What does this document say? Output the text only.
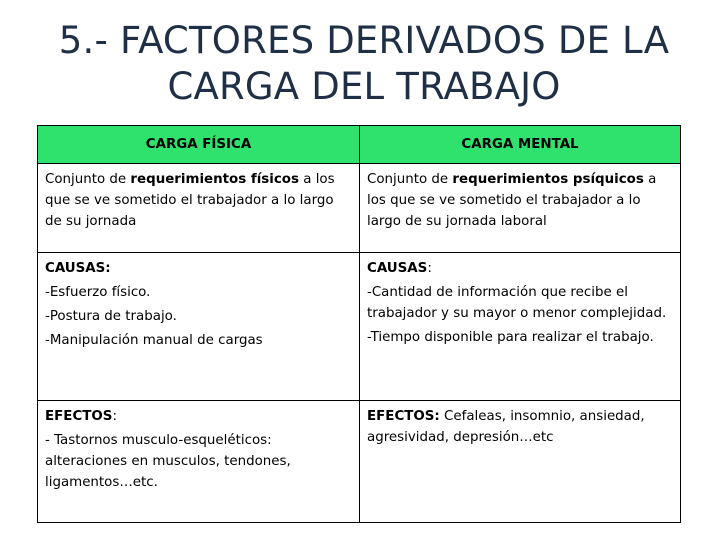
5.- FACTORES DERIVADOS DE LA
CARGA DEL TRABAJO
CARGA FÍSICA	CARGA MENTAL
Conjunto de requerimientos físicos a los que se ve sometido el trabajador a lo largo de su jornada	Conjunto de requerimientos psíquicos a los que se ve sometido el trabajador a lo largo de su jornada laboral

CAUSAS:
-Esfuerzo físico.
-Postura de trabajo.
-Manipulación manual de cargas	CAUSAS:
-Cantidad de información que recibe el trabajador y su mayor o menor complejidad.
-Tiempo disponible para realizar el trabajo.

EFECTOS:
- Tastornos musculo-esqueléticos: alteraciones en musculos, tendones, ligamentos…etc.	EFECTOS: Cefaleas, insomnio, ansiedad, agresividad, depresión…etc
